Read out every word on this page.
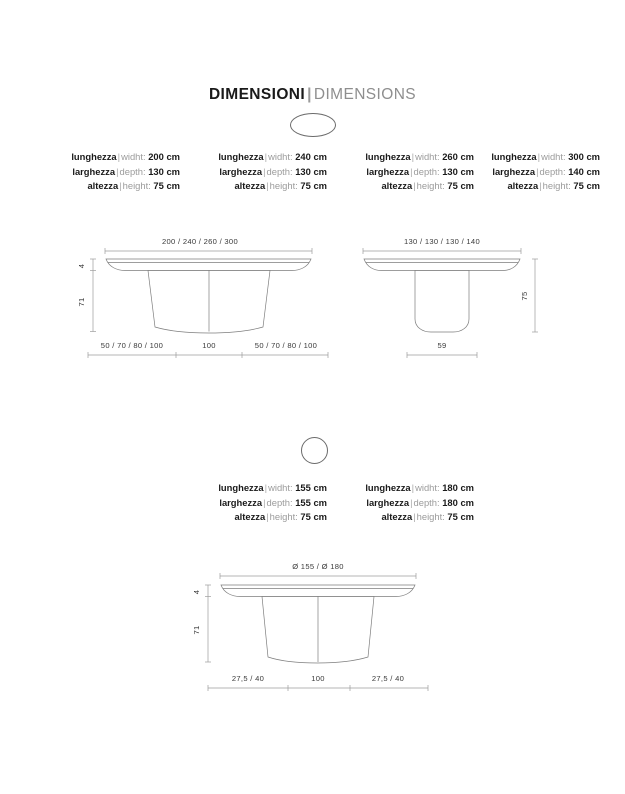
DIMENSIONI | DIMENSIONS
lunghezza|widht: 200 cm
larghezza|depth: 130 cm
altezza|height: 75 cm
lunghezza|widht: 240 cm
larghezza|depth: 130 cm
altezza|height: 75 cm
lunghezza|widht: 260 cm
larghezza|depth: 130 cm
altezza|height: 75 cm
lunghezza|widht: 300 cm
larghezza|depth: 140 cm
altezza|height: 75 cm
200 / 240 / 260 / 300
4
71
50 / 70 / 80 / 100	100	50 / 70 / 80 / 100
130 / 130 / 130 / 140
75
59
lunghezza|widht: 155 cm
larghezza|depth: 155 cm
altezza|height: 75 cm
lunghezza|widht: 180 cm
larghezza|depth: 180 cm
altezza|height: 75 cm
Ø 155 / Ø 180
4
71
27,5 / 40	100	27,5 / 40
